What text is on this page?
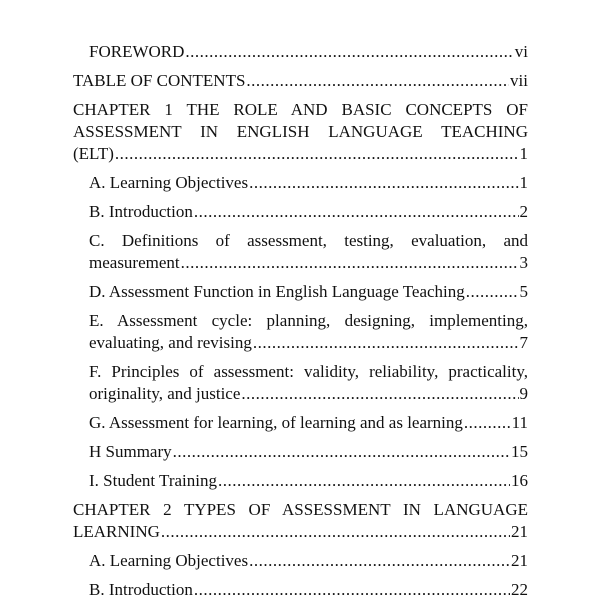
FOREWORD .....	vi
TABLE OF CONTENTS .....	vii
CHAPTER 1 THE ROLE AND BASIC CONCEPTS OF
ASSESSMENT IN ENGLISH LANGUAGE TEACHING
(ELT) .....	1
A. Learning Objectives .....	1
B. Introduction .....	2
C. Definitions of assessment, testing, evaluation, and
measurement .....	3
D. Assessment Function in English Language Teaching .....	5
E. Assessment cycle: planning, designing, implementing,
evaluating, and revising .....	7
F. Principles of assessment: validity, reliability, practicality,
originality, and justice .....	9
G. Assessment for learning, of learning and as learning .....	11
H Summary .....	15
I. Student Training .....	16
CHAPTER 2 TYPES OF ASSESSMENT IN LANGUAGE
LEARNING .....	21
A. Learning Objectives .....	21
B. Introduction .....	22
